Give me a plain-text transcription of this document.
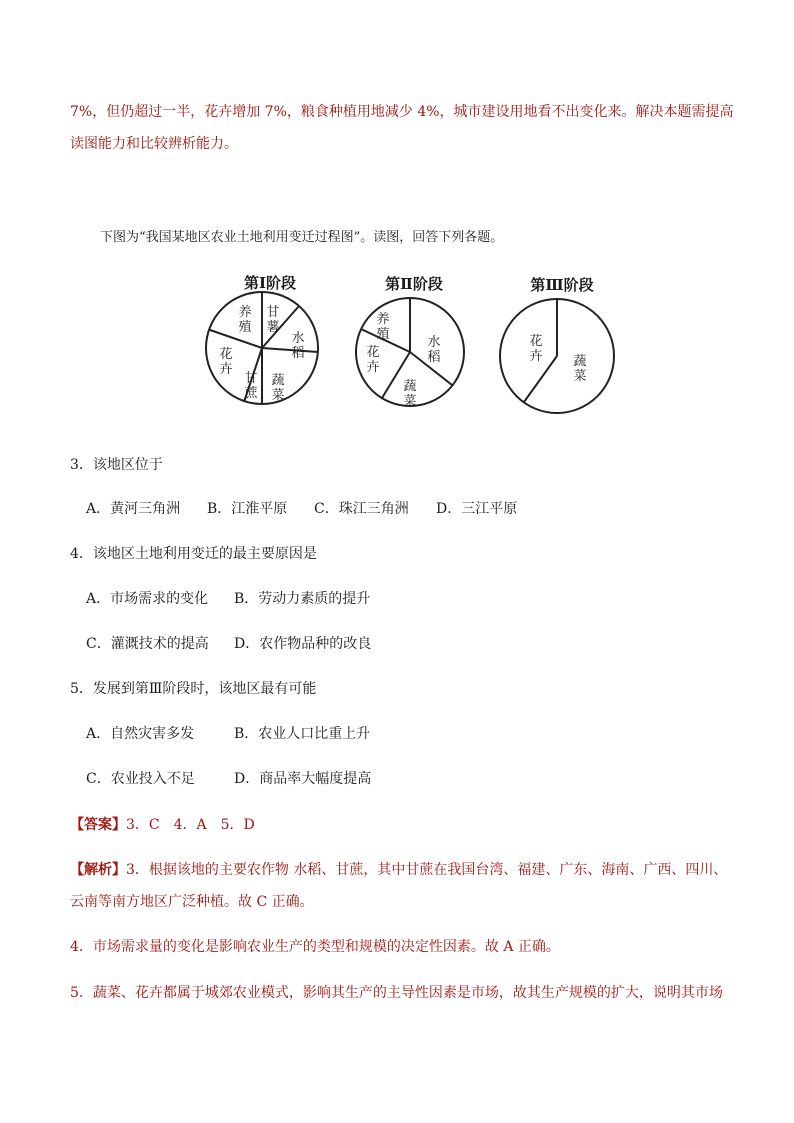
7%，但仍超过一半，花卉增加 7%，粮食种植用地减少 4%，城市建设用地看不出变化来。解决本题需提高
读图能力和比较辨析能力。
下图为“我国某地区农业土地利用变迁过程图”。读图，回答下列各题。
第Ⅰ阶段	第Ⅱ阶段	第Ⅲ阶段
甘
薯
水
稻
蔬
菜
甘
蔗
花
卉
养
殖
养
殖
水
稻
蔬
菜
花
卉
花
卉 蔬
菜
3．该地区位于
A．黄河三角洲 B．江淮平原 C．珠江三角洲 D．三江平原
4．该地区土地利用变迁的最主要原因是
A．市场需求的变化 B．劳动力素质的提升
C．灌溉技术的提高 D．农作物品种的改良
5．发展到第Ⅲ阶段时，该地区最有可能
A．自然灾害多发	B．农业人口比重上升
C．农业投入不足	D．商品率大幅度提高
【答案】3．C　4．A　5．D
【解析】3．根据该地的主要农作物 水稻、甘蔗，其中甘蔗在我国台湾、福建、广东、海南、广西、四川、
云南等南方地区广泛种植。故 C 正确。
4．市场需求量的变化是影响农业生产的类型和规模的决定性因素。故 A 正确。
5．蔬菜、花卉都属于城郊农业模式，影响其生产的主导性因素是市场，故其生产规模的扩大，说明其市场
